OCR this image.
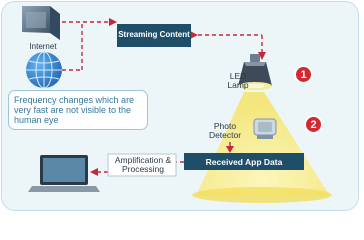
Internet
Streaming Content
LED Lamp
Photo Detector
Received App Data
Amplification & Processing
Frequency changes which are very fast are not visible to the human eye
1
2
